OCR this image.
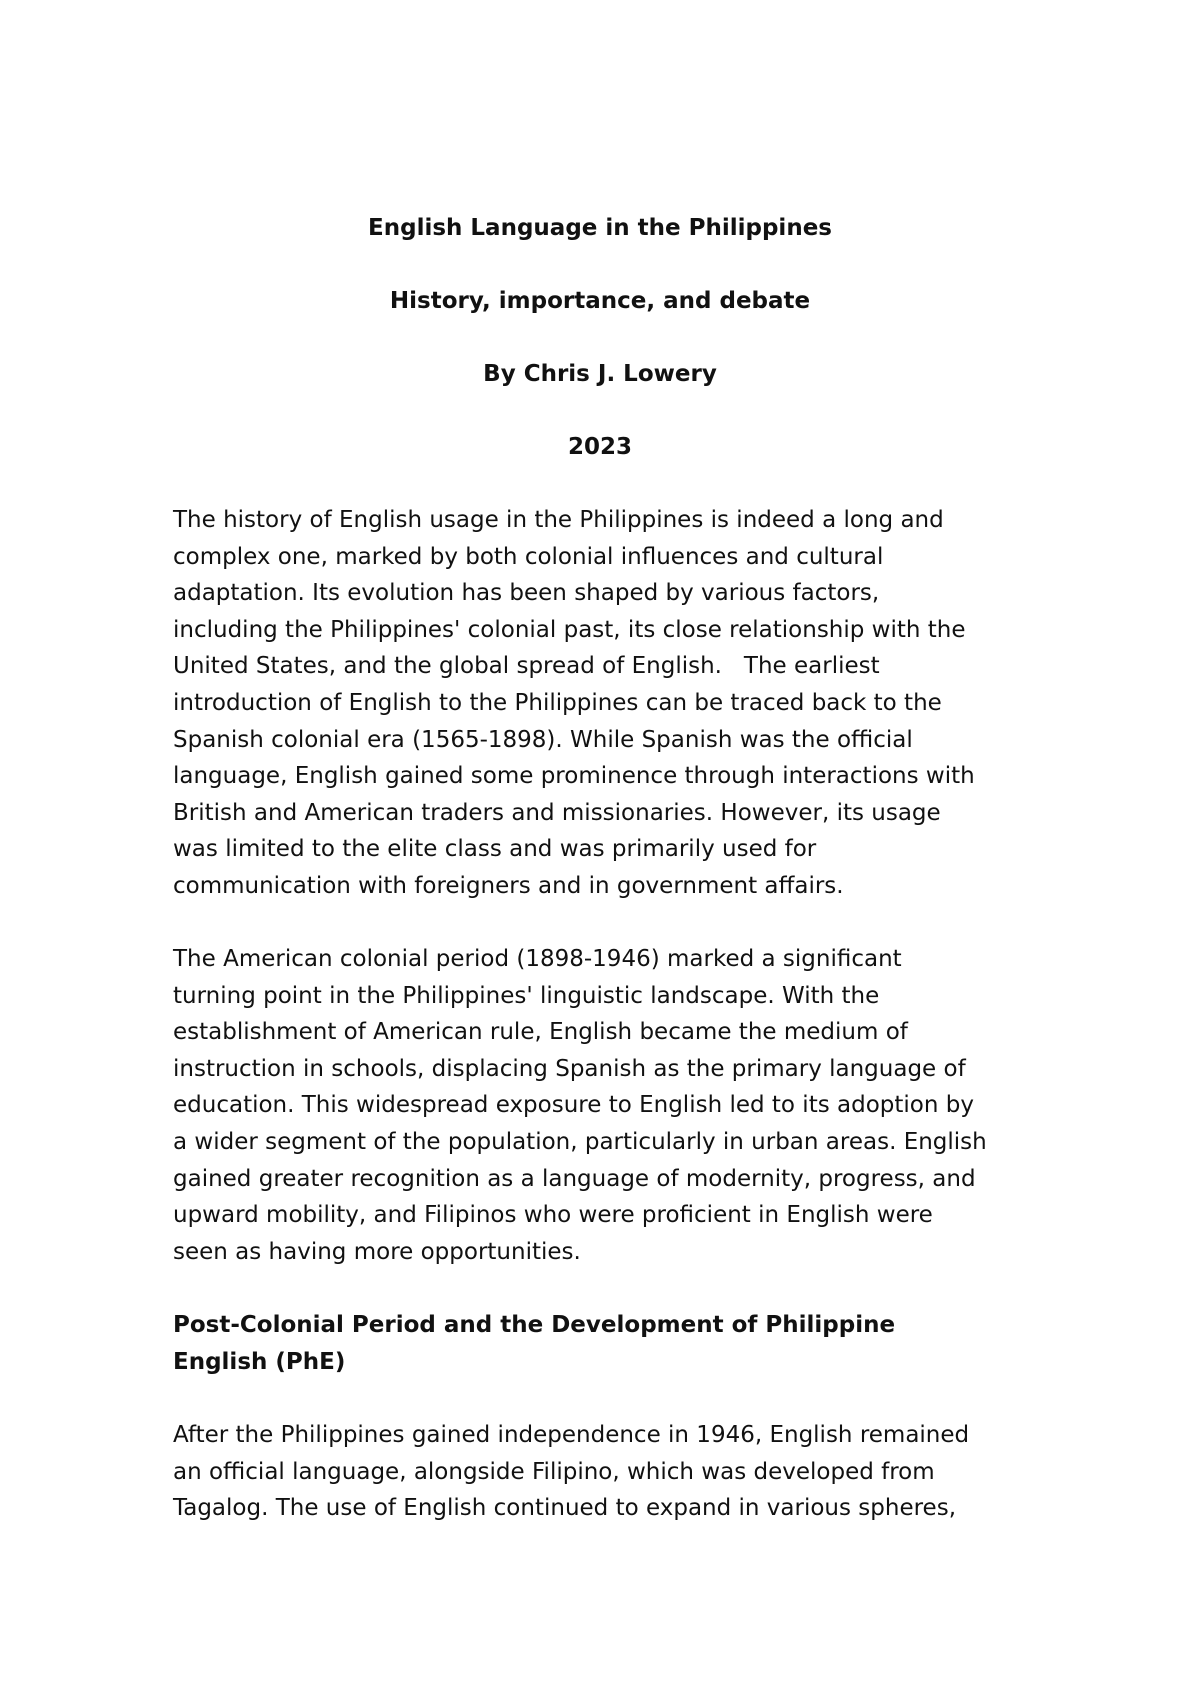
English Language in the Philippines
History, importance, and debate
By Chris J. Lowery
2023
The history of English usage in the Philippines is indeed a long and
complex one, marked by both colonial influences and cultural
adaptation. Its evolution has been shaped by various factors,
including the Philippines' colonial past, its close relationship with the
United States, and the global spread of English.   The earliest
introduction of English to the Philippines can be traced back to the
Spanish colonial era (1565-1898). While Spanish was the official
language, English gained some prominence through interactions with
British and American traders and missionaries. However, its usage
was limited to the elite class and was primarily used for
communication with foreigners and in government affairs.
The American colonial period (1898-1946) marked a significant
turning point in the Philippines' linguistic landscape. With the
establishment of American rule, English became the medium of
instruction in schools, displacing Spanish as the primary language of
education. This widespread exposure to English led to its adoption by
a wider segment of the population, particularly in urban areas. English
gained greater recognition as a language of modernity, progress, and
upward mobility, and Filipinos who were proficient in English were
seen as having more opportunities.
Post-Colonial Period and the Development of Philippine
English (PhE)
After the Philippines gained independence in 1946, English remained
an official language, alongside Filipino, which was developed from
Tagalog. The use of English continued to expand in various spheres,
